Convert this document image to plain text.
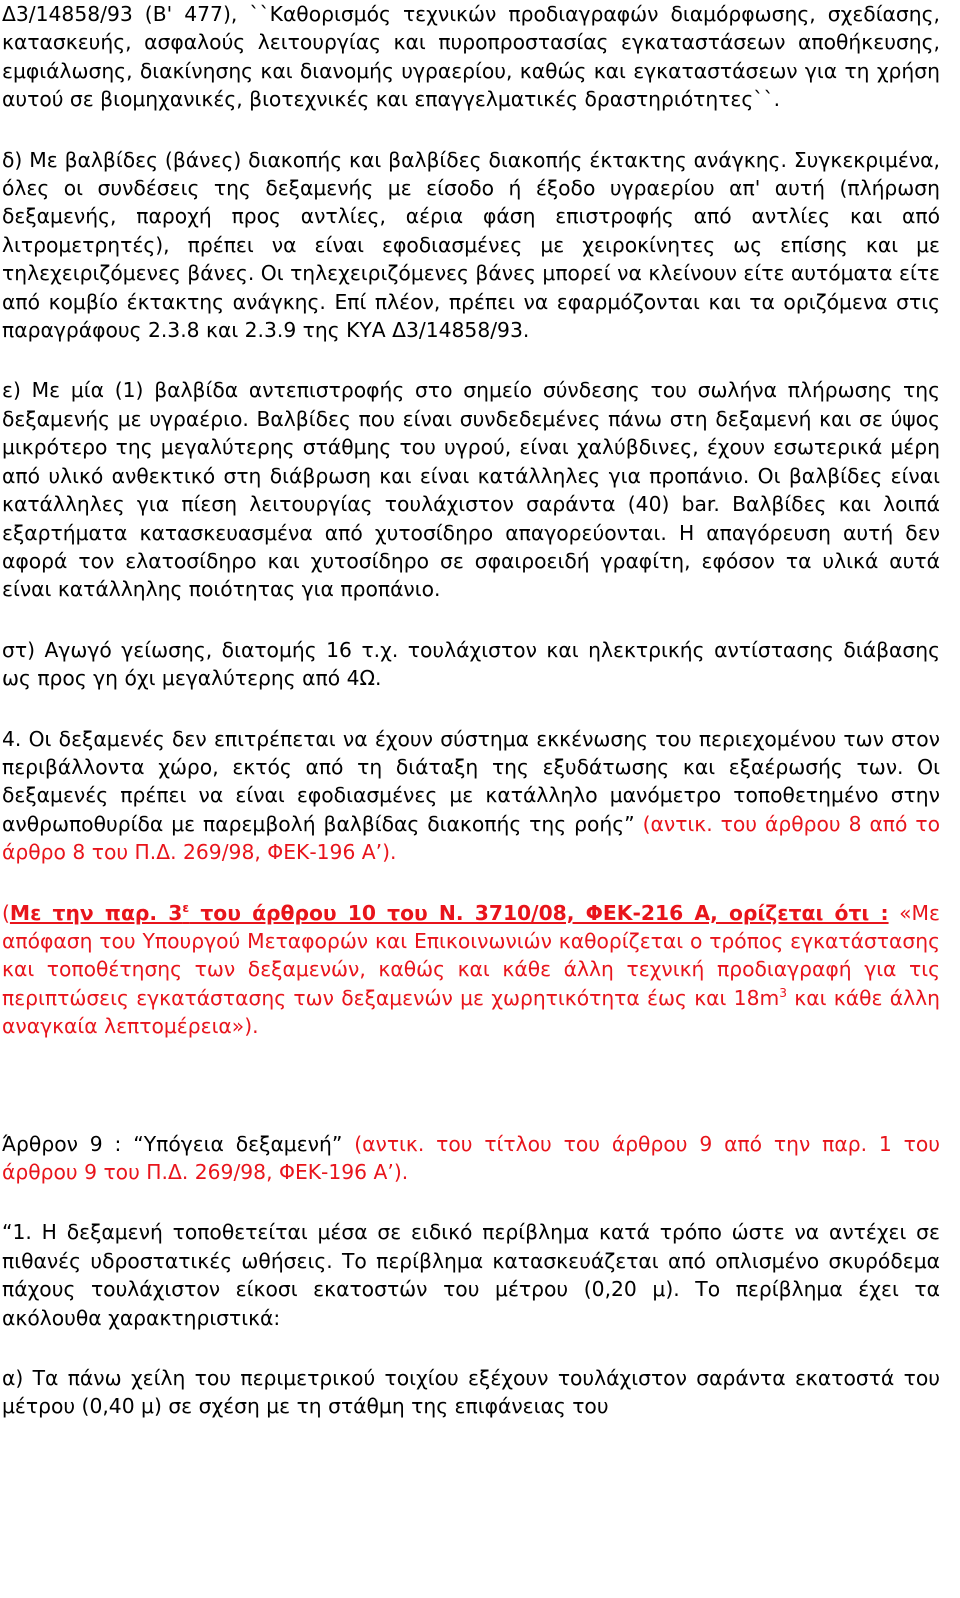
Δ3/14858/93 (Β' 477), ``Καθορισμός τεχνικών προδιαγραφών διαμόρφωσης, σχεδίασης, κατασκευής, ασφαλούς λειτουργίας και πυροπροστασίας εγκαταστάσεων αποθήκευσης, εμφιάλωσης, διακίνησης και διανομής υγραερίου, καθώς και εγκαταστάσεων για τη χρήση αυτού σε βιομηχανικές, βιοτεχνικές και επαγγελματικές δραστηριότητες``.

δ) Με βαλβίδες (βάνες) διακοπής και βαλβίδες διακοπής έκτακτης ανάγκης. Συγκεκριμένα, όλες οι συνδέσεις της δεξαμενής με είσοδο ή έξοδο υγραερίου απ' αυτή (πλήρωση δεξαμενής, παροχή προς αντλίες, αέρια φάση επιστροφής από αντλίες και από λιτρομετρητές), πρέπει να είναι εφοδιασμένες με χειροκίνητες ως επίσης και με τηλεχειριζόμενες βάνες. Οι τηλεχειριζόμενες βάνες μπορεί να κλείνουν είτε αυτόματα είτε από κομβίο έκτακτης ανάγκης. Επί πλέον, πρέπει να εφαρμόζονται και τα οριζόμενα στις παραγράφους 2.3.8 και 2.3.9 της ΚΥΑ Δ3/14858/93.

ε) Με μία (1) βαλβίδα αντεπιστροφής στο σημείο σύνδεσης του σωλήνα πλήρωσης της δεξαμενής με υγραέριο. Βαλβίδες που είναι συνδεδεμένες πάνω στη δεξαμενή και σε ύψος μικρότερο της μεγαλύτερης στάθμης του υγρού, είναι χαλύβδινες, έχουν εσωτερικά μέρη από υλικό ανθεκτικό στη διάβρωση και είναι κατάλληλες για προπάνιο. Οι βαλβίδες είναι κατάλληλες για πίεση λειτουργίας τουλάχιστον σαράντα (40) bar. Βαλβίδες και λοιπά εξαρτήματα κατασκευασμένα από χυτοσίδηρο απαγορεύονται. Η απαγόρευση αυτή δεν αφορά τον ελατοσίδηρο και χυτοσίδηρο σε σφαιροειδή γραφίτη, εφόσον τα υλικά αυτά είναι κατάλληλης ποιότητας για προπάνιο.

στ) Αγωγό γείωσης, διατομής 16 τ.χ. τουλάχιστον και ηλεκτρικής αντίστασης διάβασης ως προς γη όχι μεγαλύτερης από 4Ω.

4. Οι δεξαμενές δεν επιτρέπεται να έχουν σύστημα εκκένωσης του περιεχομένου των στον περιβάλλοντα χώρο, εκτός από τη διάταξη της εξυδάτωσης και εξαέρωσής των. Οι δεξαμενές πρέπει να είναι εφοδιασμένες με κατάλληλο μανόμετρο τοποθετημένο στην ανθρωποθυρίδα με παρεμβολή βαλβίδας διακοπής της ροής” (αντικ. του άρθρου 8 από το άρθρο 8 του Π.Δ. 269/98, ΦΕΚ-196 Α’).

(Με την παρ. $3^\varepsilon$ του άρθρου 10 του Ν. 3710/08, ΦΕΚ-216 Α, ορίζεται ότι : «Με απόφαση του Υπουργού Μεταφορών και Επικοινωνιών καθορίζεται ο τρόπος εγκατάστασης και τοποθέτησης των δεξαμενών, καθώς και κάθε άλλη τεχνική προδιαγραφή για τις περιπτώσεις εγκατάστασης των δεξαμενών με χωρητικότητα έως και $18m^3$ και κάθε άλλη αναγκαία λεπτομέρεια»).

Άρθρον 9 : “Υπόγεια δεξαμενή” (αντικ. του τίτλου του άρθρου 9 από την παρ. 1 του άρθρου 9 του Π.Δ. 269/98, ΦΕΚ-196 Α’).

“1. Η δεξαμενή τοποθετείται μέσα σε ειδικό περίβλημα κατά τρόπο ώστε να αντέχει σε πιθανές υδροστατικές ωθήσεις. Το περίβλημα κατασκευάζεται από οπλισμένο σκυρόδεμα πάχους τουλάχιστον είκοσι εκατοστών του μέτρου (0,20 μ). Το περίβλημα έχει τα ακόλουθα χαρακτηριστικά:

α) Τα πάνω χείλη του περιμετρικού τοιχίου εξέχουν τουλάχιστον σαράντα εκατοστά του μέτρου (0,40 μ) σε σχέση με τη στάθμη της επιφάνειας του
